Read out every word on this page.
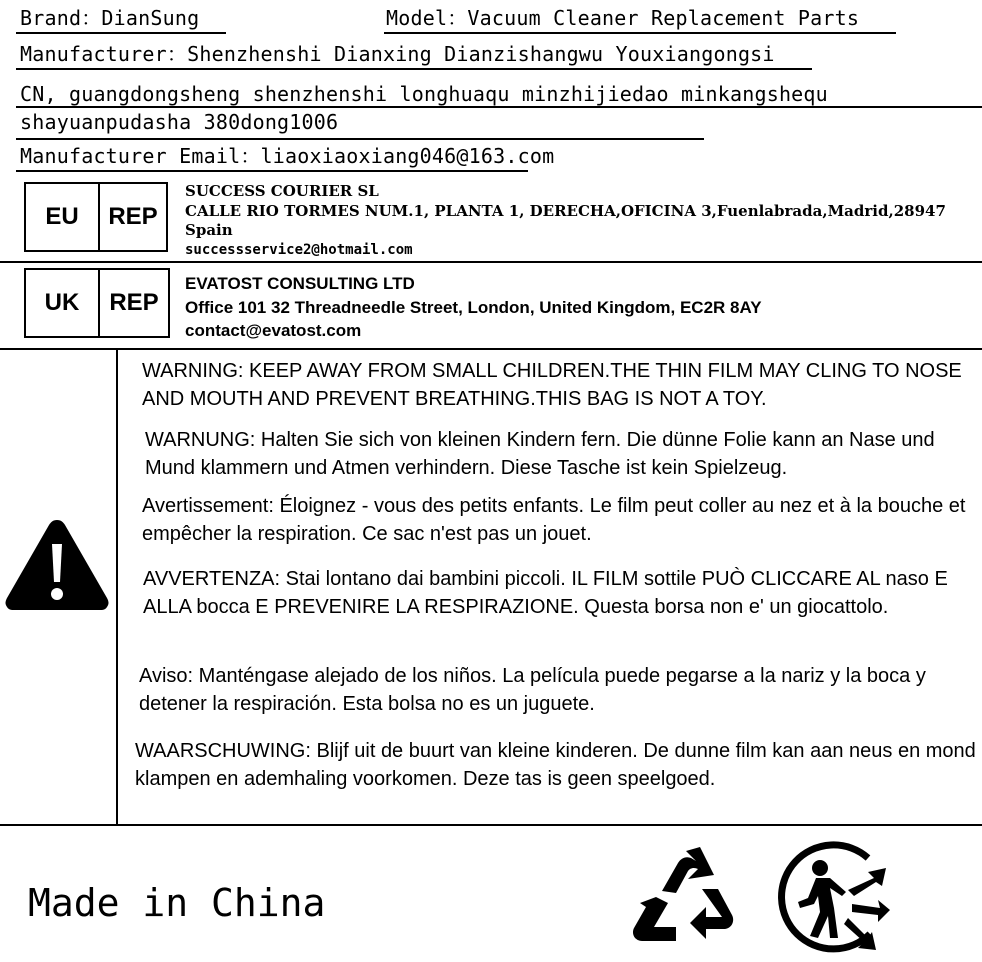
Brand：DianSung	Model：Vacuum Cleaner Replacement Parts
Manufacturer：Shenzhenshi Dianxing Dianzishangwu Youxiangongsi
CN, guangdongsheng shenzhenshi longhuaqu minzhijiedao minkangshequ
shayuanpudasha 380dong1006
Manufacturer Email：liaoxiaoxiang046@163.com
EU	REP
SUCCESS COURIER SL
CALLE RIO TORMES NUM.1, PLANTA 1, DERECHA,OFICINA 3,Fuenlabrada,Madrid,28947
Spain
successservice2@hotmail.com
UK	REP
EVATOST CONSULTING LTD
Office 101 32 Threadneedle Street, London, United Kingdom, EC2R 8AY
contact@evatost.com
WARNING: KEEP AWAY FROM SMALL CHILDREN.THE THIN FILM MAY CLING TO NOSE AND MOUTH AND PREVENT BREATHING.THIS BAG IS NOT A TOY.
WARNUNG: Halten Sie sich von kleinen Kindern fern. Die dünne Folie kann an Nase und Mund klammern und Atmen verhindern. Diese Tasche ist kein Spielzeug.
Avertissement: Éloignez - vous des petits enfants. Le film peut coller au nez et à la bouche et empêcher la respiration. Ce sac n'est pas un jouet.
AVVERTENZA: Stai lontano dai bambini piccoli. IL FILM sottile PUÒ CLICCARE AL naso E ALLA bocca E PREVENIRE LA RESPIRAZIONE. Questa borsa non e' un giocattolo.
Aviso: Manténgase alejado de los niños. La película puede pegarse a la nariz y la boca y detener la respiración. Esta bolsa no es un juguete.
WAARSCHUWING: Blijf uit de buurt van kleine kinderen. De dunne film kan aan neus en mond klampen en ademhaling voorkomen. Deze tas is geen speelgoed.
Made in China
